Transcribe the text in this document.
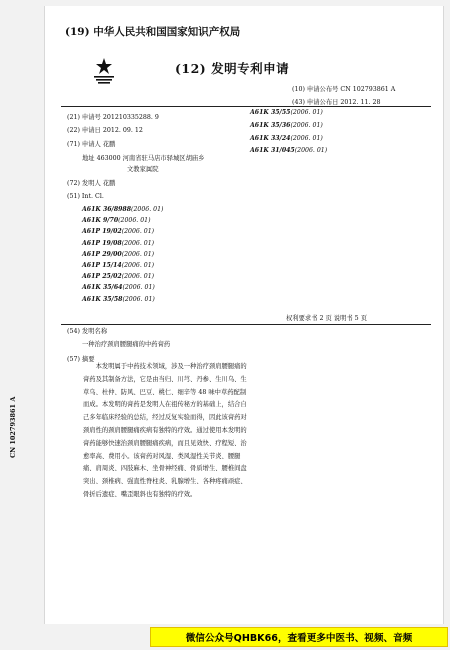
(19) 中华人民共和国国家知识产权局
(12) 发明专利申请
(10) 申请公布号 CN 102793861 A
(43) 申请公布日 2012. 11. 28
(21) 申请号 201210335288. 9
(22) 申请日 2012. 09. 12
(71) 申请人 花鹏
地址 463000 河南省驻马店市驿城区胡庙乡
文教家属院
(72) 发明人 花鹏
(51) Int. Cl.
A61K 36/8988(2006. 01)
A61K 9/70(2006. 01)
A61P 19/02(2006. 01)
A61P 19/08(2006. 01)
A61P 29/00(2006. 01)
A61P 15/14(2006. 01)
A61P 25/02(2006. 01)
A61K 35/64(2006. 01)
A61K 35/58(2006. 01)
A61K 35/55(2006. 01)
A61K 35/36(2006. 01)
A61K 33/24(2006. 01)
A61K 31/045(2006. 01)
权利要求书 2 页 说明书 5 页
(54) 发明名称
一种治疗颈肩腰腿痛的中药膏药
(57) 摘要
本发明属于中药技术领域，涉及一种治疗颈肩腰腿痛的膏药及其制备方法，它是由当归、川芎、丹参、生川乌、生草乌、杜仲、防风、巴豆、桃仁、细辛等 48 味中草药配制而成。本发明的膏药是发明人在祖传秘方的基础上，结合自己多年临床经验的总结，经过反复实验而得，因此该膏药对颈肩性的颈肩腰腿痛疾病有独特的疗效。通过使用本发明的膏药能够快速治颈肩腰腿痛疾病，而且见效快、疗程短、治愈率高、费用小。该膏药对风湿、类风湿性关节炎、腰腿痛、肩周炎、四肢麻木、坐骨神经痛、骨质增生、腰椎间盘突出、颈椎病、强直性脊柱炎、乳腺增生、各种疼痛顽症、骨折后遗症、嘴歪眼斜也有独特的疗效。
CN 102793861 A
微信公众号QHBK66，查看更多中医书、视频、音频
